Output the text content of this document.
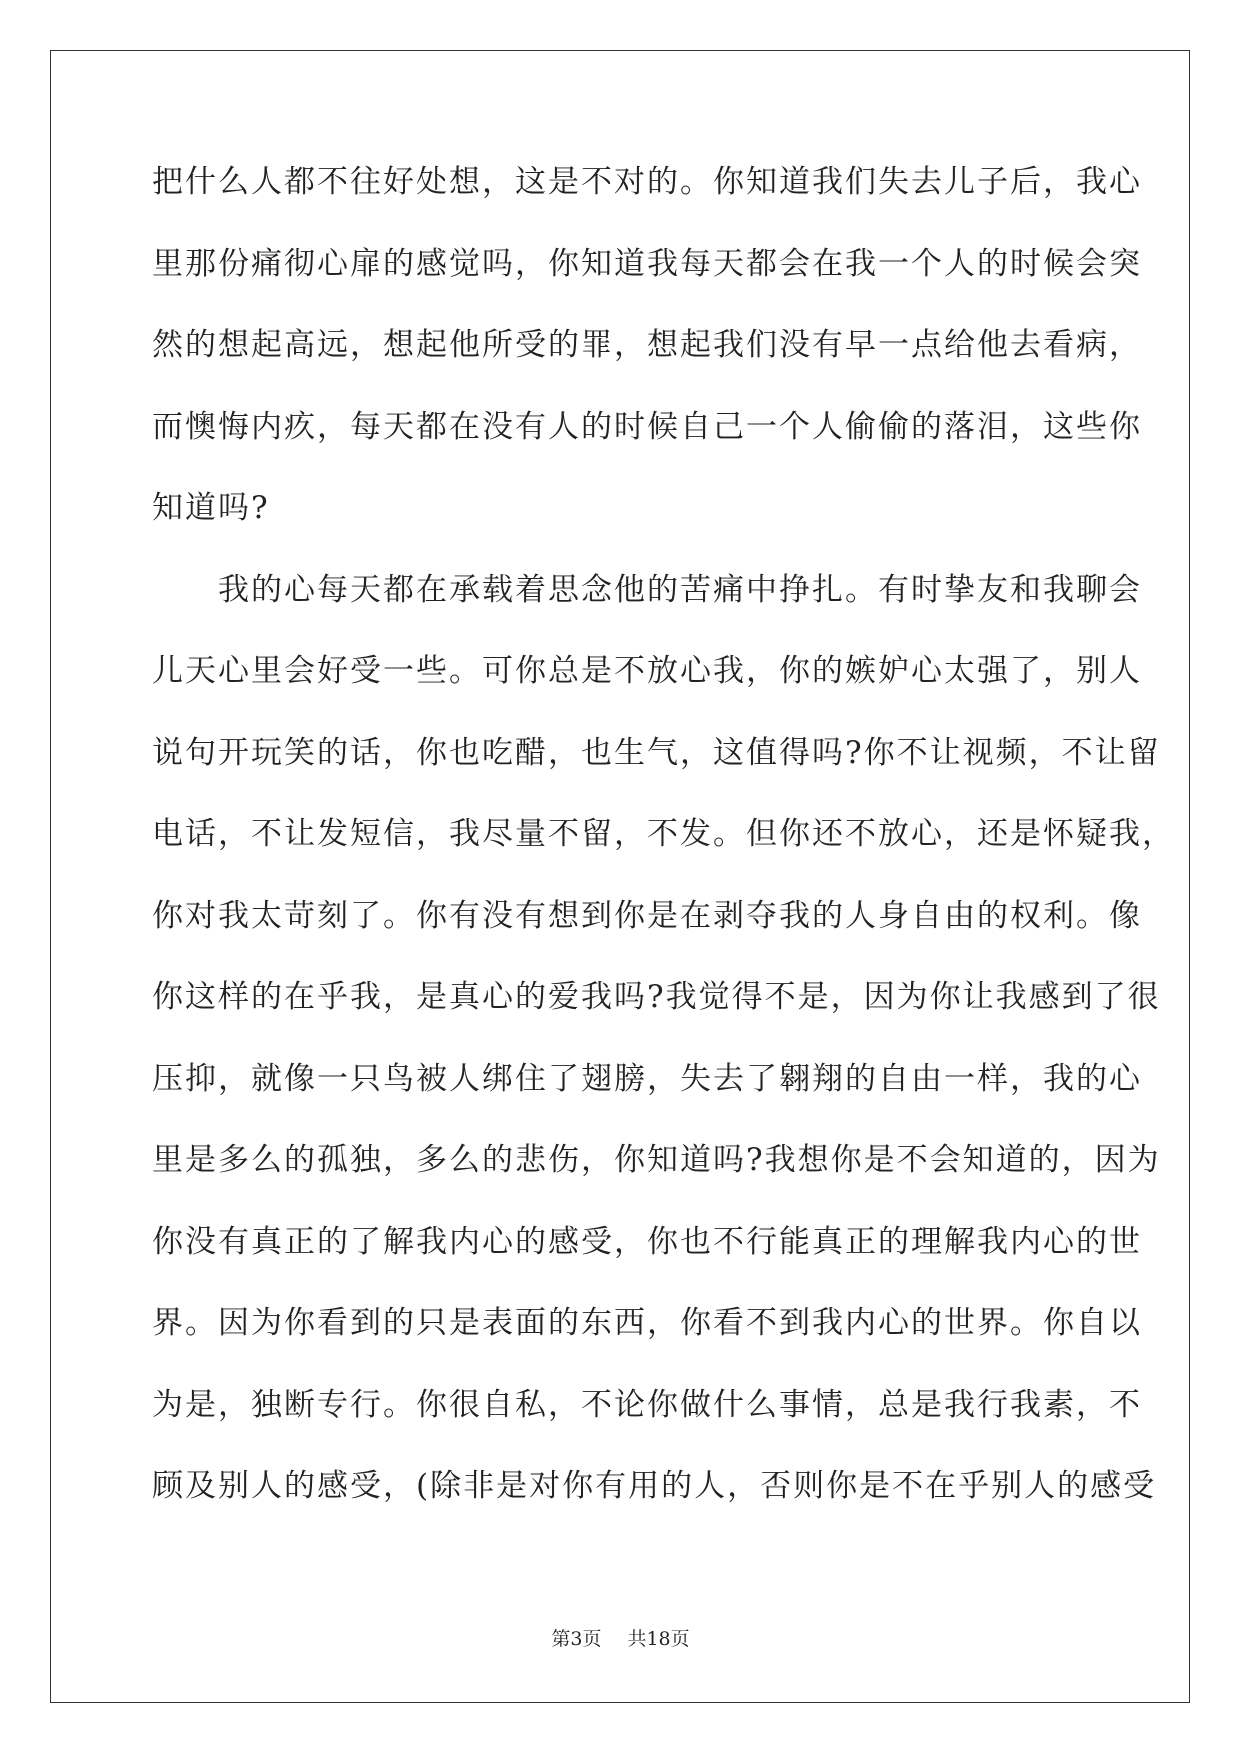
把什么人都不往好处想，这是不对的。你知道我们失去儿子后，我心
里那份痛彻心扉的感觉吗，你知道我每天都会在我一个人的时候会突
然的想起高远，想起他所受的罪，想起我们没有早一点给他去看病，
而懊悔内疚，每天都在没有人的时候自己一个人偷偷的落泪，这些你
知道吗?
　　我的心每天都在承载着思念他的苦痛中挣扎。有时挚友和我聊会
儿天心里会好受一些。可你总是不放心我，你的嫉妒心太强了，别人
说句开玩笑的话，你也吃醋，也生气，这值得吗?你不让视频，不让留
电话，不让发短信，我尽量不留，不发。但你还不放心，还是怀疑我，
你对我太苛刻了。你有没有想到你是在剥夺我的人身自由的权利。像
你这样的在乎我，是真心的爱我吗?我觉得不是，因为你让我感到了很
压抑，就像一只鸟被人绑住了翅膀，失去了翱翔的自由一样，我的心
里是多么的孤独，多么的悲伤，你知道吗?我想你是不会知道的，因为
你没有真正的了解我内心的感受，你也不行能真正的理解我内心的世
界。因为你看到的只是表面的东西，你看不到我内心的世界。你自以
为是，独断专行。你很自私，不论你做什么事情，总是我行我素，不
顾及别人的感受，(除非是对你有用的人，否则你是不在乎别人的感受
第3页 共18页
